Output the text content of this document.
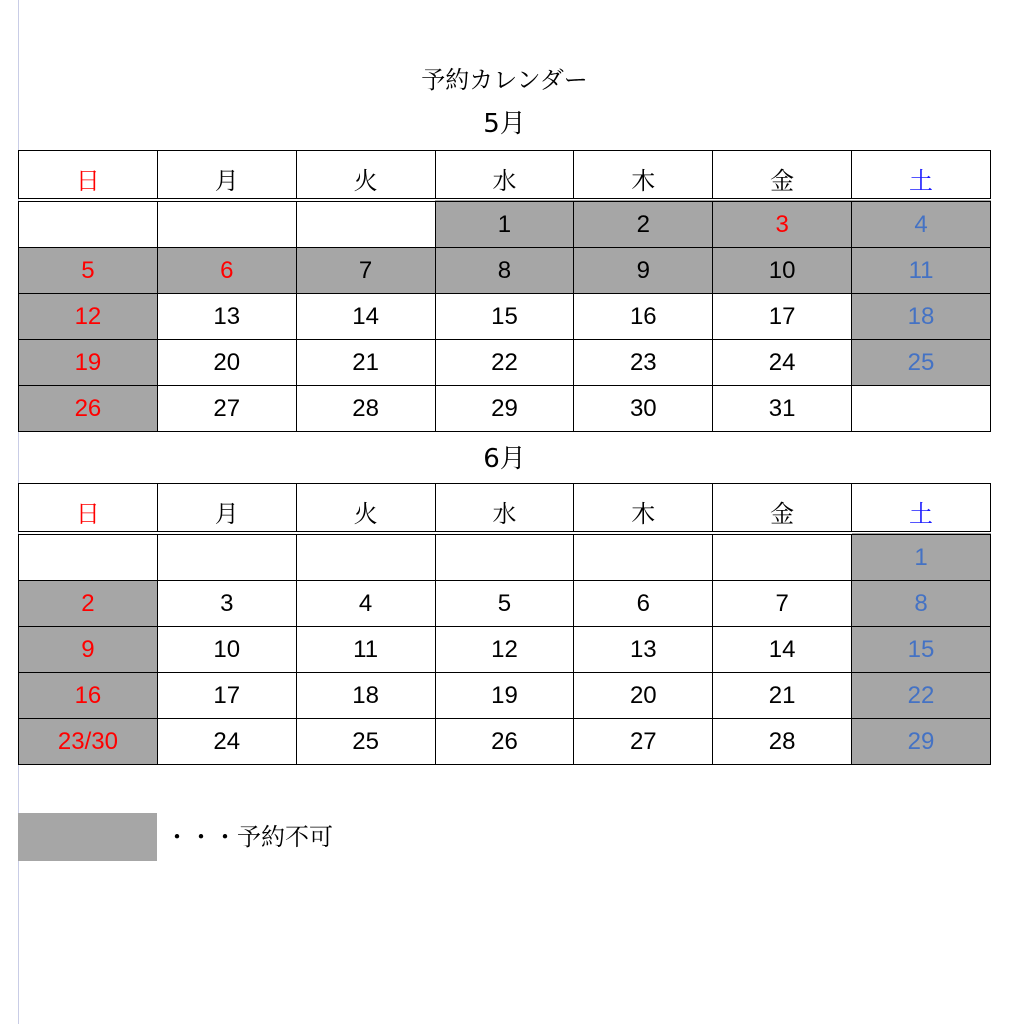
予約カレンダー
5月
日	月	火	水	木	金	土
			1	2	3	4
5	6	7	8	9	10	11
12	13	14	15	16	17	18
19	20	21	22	23	24	25
26	27	28	29	30	31	
6月
日	月	火	水	木	金	土
						1
2	3	4	5	6	7	8
9	10	11	12	13	14	15
16	17	18	19	20	21	22
23/30	24	25	26	27	28	29
・・・予約不可
